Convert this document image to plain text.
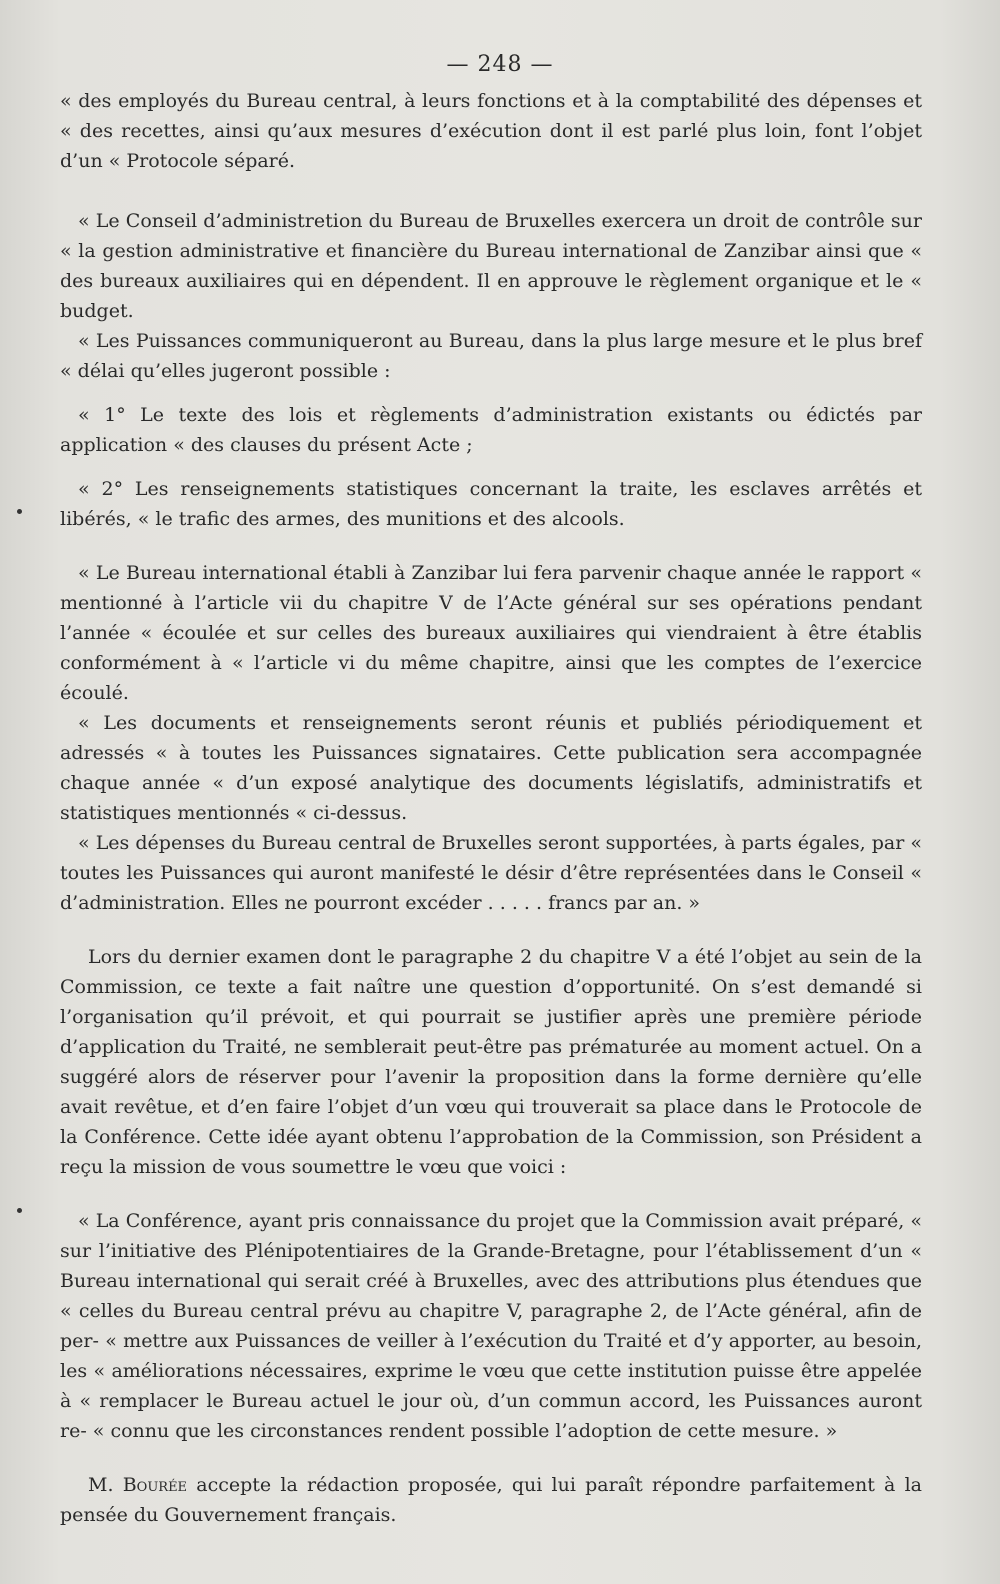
— 248 —

« des employés du Bureau central, à leurs fonctions et à la comptabilité des dépenses et « des recettes, ainsi qu’aux mesures d’exécution dont il est parlé plus loin, font l’objet d’un « Protocole séparé.

« Le Conseil d’administretion du Bureau de Bruxelles exercera un droit de contrôle sur « la gestion administrative et financière du Bureau international de Zanzibar ainsi que « des bureaux auxiliaires qui en dépendent. Il en approuve le règlement organique et le « budget.

« Les Puissances communiqueront au Bureau, dans la plus large mesure et le plus bref « délai qu’elles jugeront possible :

« 1° Le texte des lois et règlements d’administration existants ou édictés par application « des clauses du présent Acte ;

« 2° Les renseignements statistiques concernant la traite, les esclaves arrêtés et libérés, « le trafic des armes, des munitions et des alcools.

« Le Bureau international établi à Zanzibar lui fera parvenir chaque année le rapport « mentionné à l’article vii du chapitre V de l’Acte général sur ses opérations pendant l’année « écoulée et sur celles des bureaux auxiliaires qui viendraient à être établis conformément à « l’article vi du même chapitre, ainsi que les comptes de l’exercice écoulé.

« Les documents et renseignements seront réunis et publiés périodiquement et adressés « à toutes les Puissances signataires. Cette publication sera accompagnée chaque année « d’un exposé analytique des documents législatifs, administratifs et statistiques mentionnés « ci-dessus.

« Les dépenses du Bureau central de Bruxelles seront supportées, à parts égales, par « toutes les Puissances qui auront manifesté le désir d’être représentées dans le Conseil « d’administration. Elles ne pourront excéder . . . . . francs par an. »

Lors du dernier examen dont le paragraphe 2 du chapitre V a été l’objet au sein de la Commission, ce texte a fait naître une question d’opportunité. On s’est demandé si l’organisation qu’il prévoit, et qui pourrait se justifier après une première période d’application du Traité, ne semblerait peut-être pas prématurée au moment actuel. On a suggéré alors de réserver pour l’avenir la proposition dans la forme dernière qu’elle avait revêtue, et d’en faire l’objet d’un vœu qui trouverait sa place dans le Protocole de la Conférence. Cette idée ayant obtenu l’approbation de la Commission, son Président a reçu la mission de vous soumettre le vœu que voici :

« La Conférence, ayant pris connaissance du projet que la Commission avait préparé, « sur l’initiative des Plénipotentiaires de la Grande-Bretagne, pour l’établissement d’un « Bureau international qui serait créé à Bruxelles, avec des attributions plus étendues que « celles du Bureau central prévu au chapitre V, paragraphe 2, de l’Acte général, afin de per- « mettre aux Puissances de veiller à l’exécution du Traité et d’y apporter, au besoin, les « améliorations nécessaires, exprime le vœu que cette institution puisse être appelée à « remplacer le Bureau actuel le jour où, d’un commun accord, les Puissances auront re- « connu que les circonstances rendent possible l’adoption de cette mesure. »

M. Bourée accepte la rédaction proposée, qui lui paraît répondre parfaitement à la pensée du Gouvernement français.
